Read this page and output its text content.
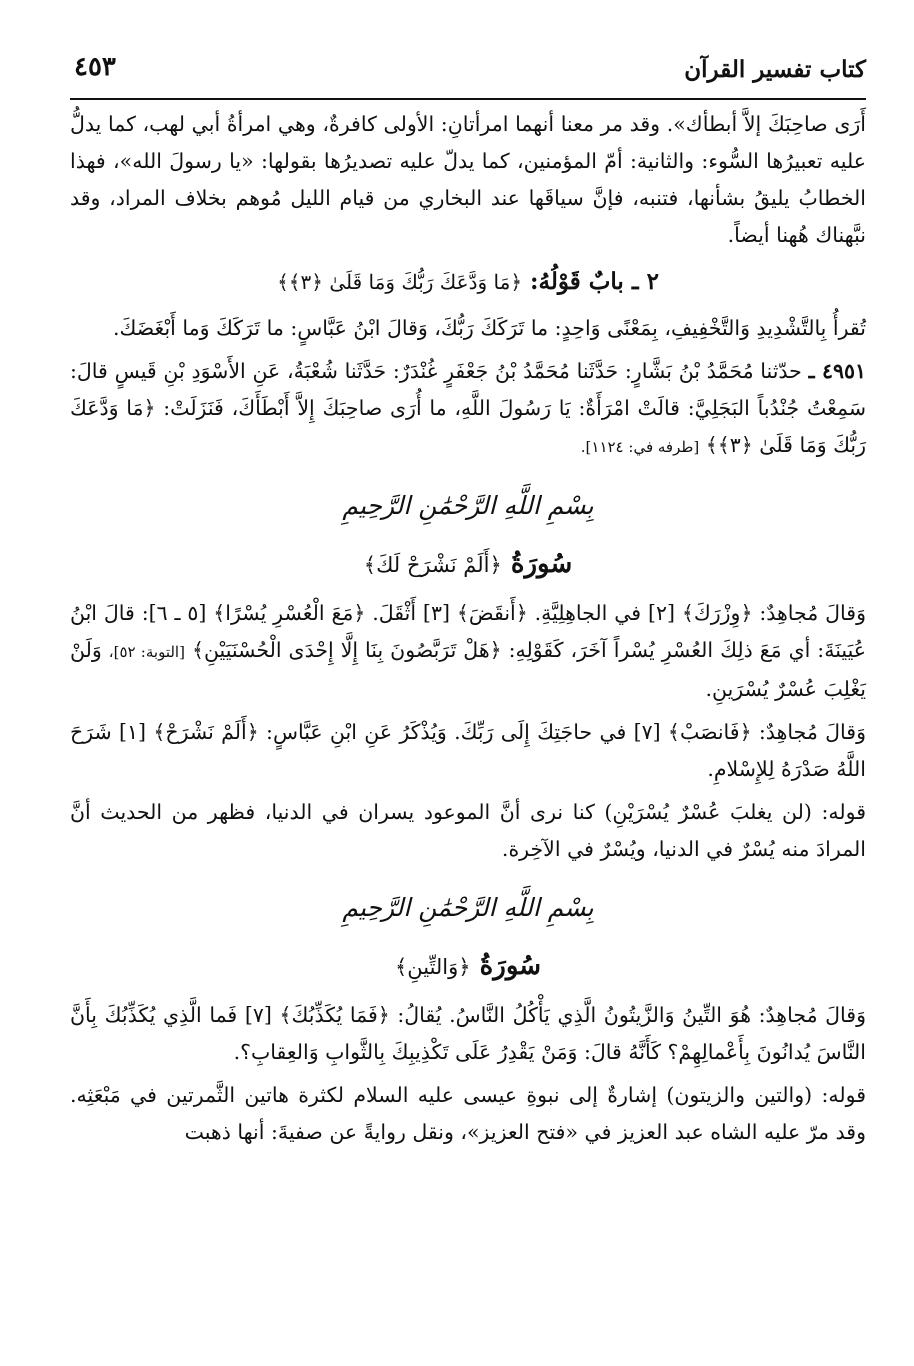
كتاب تفسير القرآن
٤٥٣

أَرَى صاحِبَكَ إلاَّ أبطأك». وقد مر معنا أنهما امرأتانِ: الأولى كافرةٌ، وهي امرأةُ أبي لهب، كما يدلُّ عليه تعبيرُها السُّوء: والثانية: أمّ المؤمنين، كما يدلّ عليه تصديرُها بقولها: «يا رسولَ الله»، فهذا الخطابُ يليقُ بشأنها، فتنبه، فإنَّ سياقَها عند البخاري من قيام الليل مُوهم بخلاف المراد، وقد نبَّهناك هُهنا أيضاً.

٢ ـ بابٌ قَوْلُهُ: ﴿مَا وَدَّعَكَ رَبُّكَ وَمَا قَلَىٰ ﴿٣﴾﴾

تُقرأُ بِالتَّشْدِيدِ وَالتَّخْفِيفِ، بِمَعْنًى وَاحِدٍ: ما تَرَكَكَ رَبُّكَ، وَقالَ ابْنُ عَبَّاسٍ: ما تَرَكَكَ وَما أَبْغَضَكَ.

٤٩٥١ ـ حدّثنا مُحَمَّدُ بْنُ بَشَّارٍ: حَدَّثَنا مُحَمَّدُ بْنُ جَعْفَرٍ غُنْدَرٌ: حَدَّثَنا شُعْبَةُ، عَنِ الأَسْوَدِ بْنِ قَيسٍ قالَ: سَمِعْتُ جُنْدُباً البَجَلِيَّ: قالَتْ امْرَأَةٌ: يَا رَسُولَ اللَّهِ، ما أُرَى صاحِبَكَ إِلاَّ أَبْطَأَكَ، فَنَزَلَتْ: ﴿مَا وَدَّعَكَ رَبُّكَ وَمَا قَلَىٰ ﴿٣﴾﴾ [طرفه في: ١١٢٤].

بِسْمِ اللَّهِ الرَّحْمَٰنِ الرَّحِيمِ
سُورَةُ ﴿أَلَمْ نَشْرَحْ لَكَ﴾

وَقالَ مُجاهِدٌ: ﴿وِزْرَكَ﴾ [٢] في الجاهِلِيَّةِ. ﴿أَنقَضَ﴾ [٣] أَثْقَلَ. ﴿مَعَ الْعُسْرِ يُسْرًا﴾ [٥ ـ ٦]: قالَ ابْنُ عُيَينَةَ: أي مَعَ ذلِكَ العُسْرِ يُسْراً آخَرَ، كَقَوْلِهِ: ﴿هَلْ تَرَبَّصُونَ بِنَا إِلَّا إِحْدَى الْحُسْنَيَيْنِ﴾ [التوبة: ٥٢]، وَلَنْ يَغْلِبَ عُسْرٌ يُسْرَينِ.

وَقالَ مُجاهِدٌ: ﴿فَانصَبْ﴾ [٧] في حاجَتِكَ إِلَى رَبِّكَ. وَيُذْكَرُ عَنِ ابْنِ عَبَّاسٍ: ﴿أَلَمْ نَشْرَحْ﴾ [١] شَرَحَ اللَّهُ صَدْرَهُ لِلإِسْلامِ.

قوله: (لن يغلبَ عُسْرٌ يُسْرَيْنِ) كنا نرى أنَّ الموعود يسران في الدنيا، فظهر من الحديث أنَّ المرادَ منه يُسْرٌ في الدنيا، ويُسْرٌ في الآخِرة.

بِسْمِ اللَّهِ الرَّحْمَٰنِ الرَّحِيمِ
سُورَةُ ﴿وَالتِّينِ﴾

وَقالَ مُجاهِدٌ: هُوَ التِّينُ وَالزَّيتُونُ الَّذِي يَأْكُلُ النَّاسُ. يُقالُ: ﴿فَمَا يُكَذِّبُكَ﴾ [٧] فَما الَّذِي يُكَذِّبُكَ بِأَنَّ النَّاسَ يُدانُونَ بِأَعْمالِهِمْ؟ كَأَنَّهُ قالَ: وَمَنْ يَقْدِرُ عَلَى تَكْذِيبِكَ بِالثَّوابِ وَالعِقابِ؟.

قوله: (والتين والزيتون) إشارةٌ إلى نبوةِ عيسى عليه السلام لكثرة هاتين الثَّمرتين في مَبْعَثِه. وقد مرّ عليه الشاه عبد العزيز في «فتح العزيز»، ونقل روايةً عن صفيةَ: أنها ذهبت
